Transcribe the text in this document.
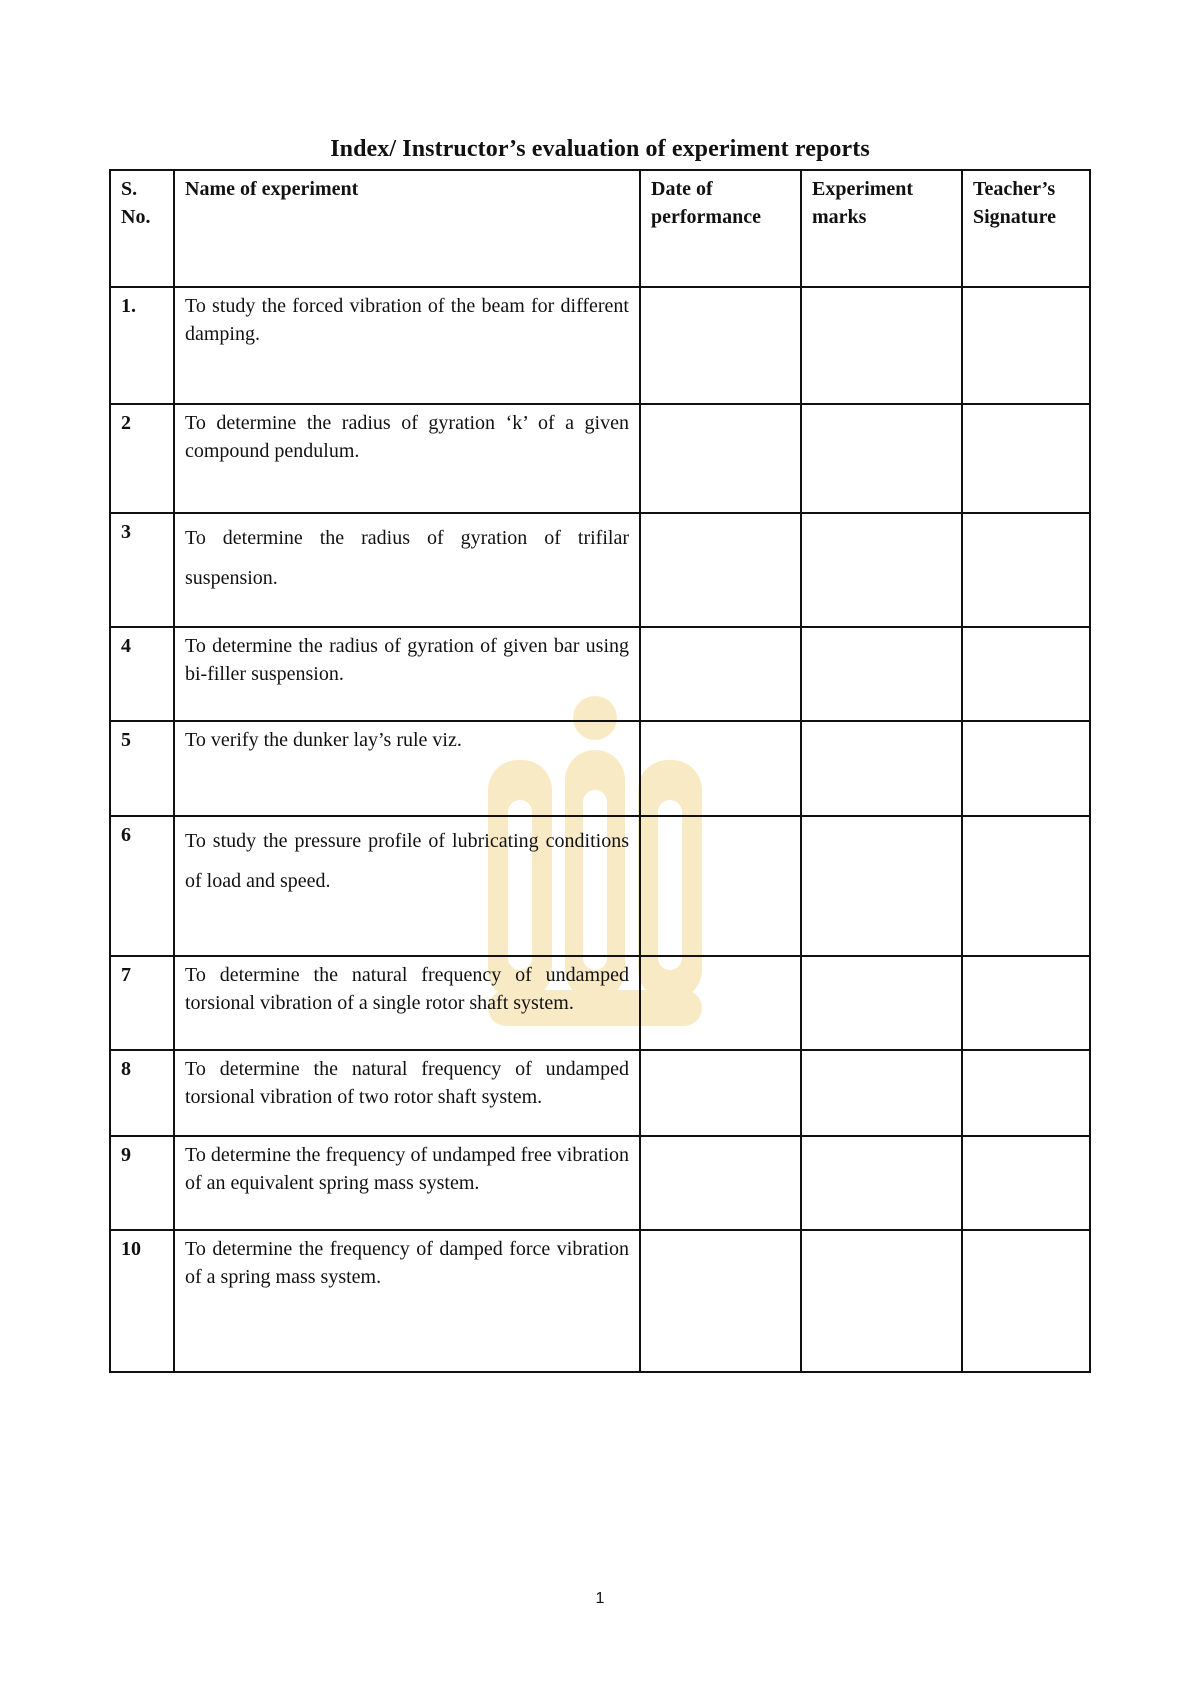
Index/ Instructor’s evaluation of experiment reports
S. No.	Name of experiment	Date of performance	Experiment marks	Teacher’s Signature
1.	To study the forced vibration of the beam for different damping.			
2	To determine the radius of gyration ‘k’ of a given compound pendulum.			
3	To determine the radius of gyration of trifilar suspension.			
4	To determine the radius of gyration of given bar using bi-filler suspension.			
5	To verify the dunker lay’s rule viz.			
6	To study the pressure profile of lubricating conditions of load and speed.			
7	To determine the natural frequency of undamped torsional vibration of a single rotor shaft system.			
8	To determine the natural frequency of undamped torsional vibration of two rotor shaft system.			
9	To determine the frequency of undamped free vibration of an equivalent spring mass system.			
10	To determine the frequency of damped force vibration of a spring mass system.			
1
